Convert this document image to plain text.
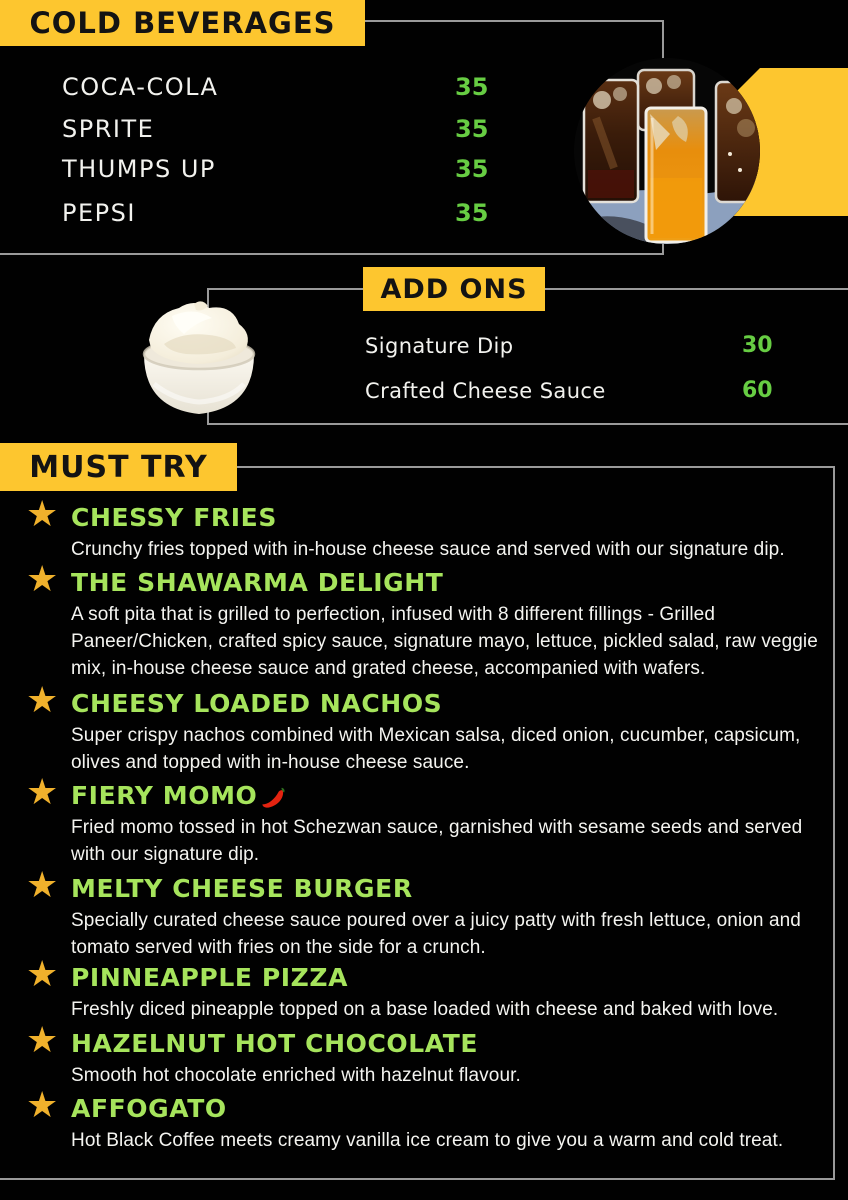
COLD BEVERAGES
COCA-COLA	35
SPRITE	35
THUMPS UP	35
PEPSI	35
ADD ONS
Signature Dip	30
Crafted Cheese Sauce	60
MUST TRY
★ CHESSY FRIES
Crunchy fries topped with in-house cheese sauce and served with our signature dip.
★ THE SHAWARMA DELIGHT
A soft pita that is grilled to perfection, infused with 8 different fillings - Grilled Paneer/Chicken, crafted spicy sauce, signature mayo, lettuce, pickled salad, raw veggie mix, in-house cheese sauce and grated cheese, accompanied with wafers.
★ CHEESY LOADED NACHOS
Super crispy nachos combined with Mexican salsa, diced onion, cucumber, capsicum, olives and topped with in-house cheese sauce.
★ FIERY MOMO
Fried momo tossed in hot Schezwan sauce, garnished with sesame seeds and served with our signature dip.
★ MELTY CHEESE BURGER
Specially curated cheese sauce poured over a juicy patty with fresh lettuce, onion and tomato served with fries on the side for a crunch.
★ PINNEAPPLE PIZZA
Freshly diced pineapple topped on a base loaded with cheese and baked with love.
★ HAZELNUT HOT CHOCOLATE
Smooth hot chocolate enriched with hazelnut flavour.
★ AFFOGATO
Hot Black Coffee meets creamy vanilla ice cream to give you a warm and cold treat.
